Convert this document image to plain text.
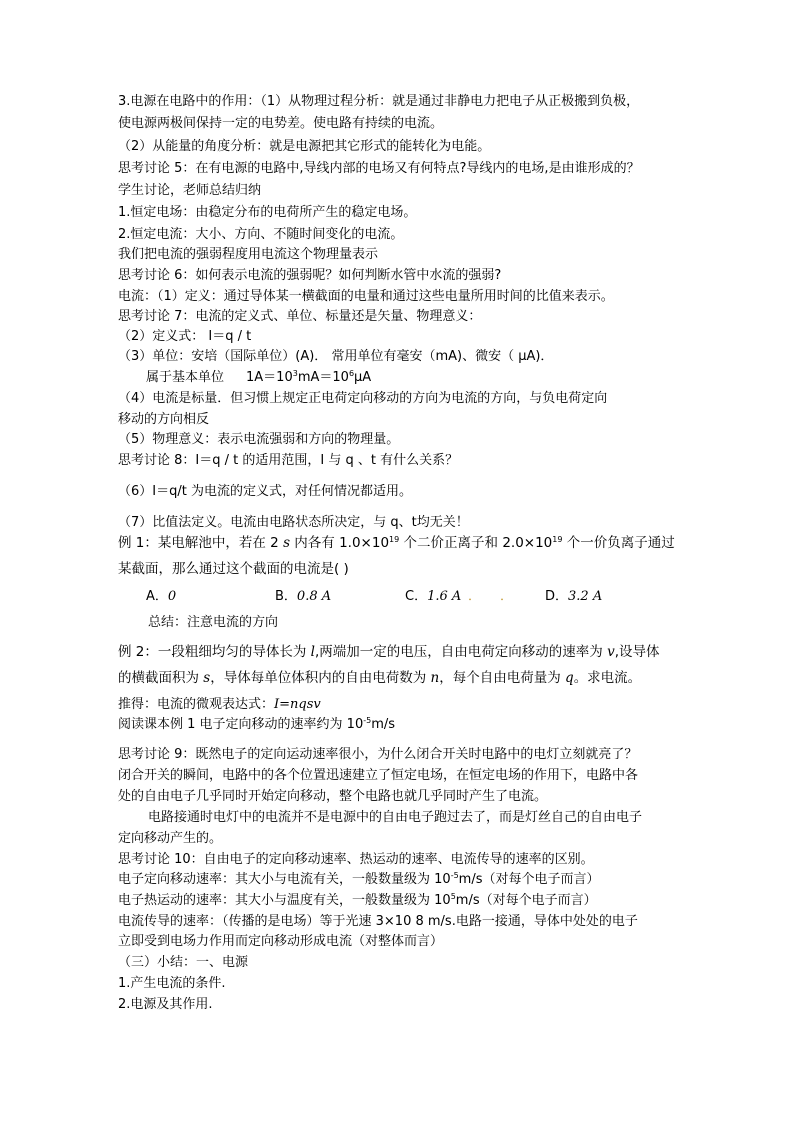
3.电源在电路中的作用：（1）从物理过程分析：就是通过非静电力把电子从正极搬到负极，
使电源两极间保持一定的电势差。使电路有持续的电流。
（2）从能量的角度分析：就是电源把其它形式的能转化为电能。
思考讨论 5：在有电源的电路中,导线内部的电场又有何特点?导线内的电场,是由谁形成的？
学生讨论，老师总结归纳
1.恒定电场：由稳定分布的电荷所产生的稳定电场。
2.恒定电流：大小、方向、不随时间变化的电流。
我们把电流的强弱程度用电流这个物理量表示
思考讨论 6：如何表示电流的强弱呢？如何判断水管中水流的强弱?
电流：（1）定义：通过导体某一横截面的电量和通过这些电量所用时间的比值来表示。
思考讨论 7：电流的定义式、单位、标量还是矢量、物理意义：
（2）定义式： I＝q / t
（3）单位：安培（国际单位）(A)． 常用单位有毫安（mA)、微安（ μA)．
属于基本单位 $1A=10^3mA=10^6\mu A$
（4）电流是标量．但习惯上规定正电荷定向移动的方向为电流的方向，与负电荷定向
移动的方向相反
（5）物理意义：表示电流强弱和方向的物理量。
思考讨论 8：I＝q / t 的适用范围，I 与 q 、t 有什么关系？
（6）I＝q/t 为电流的定义式，对任何情况都适用。
（7）比值法定义。电流由电路状态所决定，与 q、t均无关！
例 1：某电解池中，若在 2 s 内各有 $1.0\times 10^{19}$ 个二价正离子和 $2.0\times 10^{19}$ 个一价负离子通过
某截面，那么通过这个截面的电流是( )
A．0	B．0.8 A	C．1.6 A ． ． D．3.2 A
总结：注意电流的方向
例 2：一段粗细均匀的导体长为 l,两端加一定的电压，自由电荷定向移动的速率为 v,设导体
的横截面积为 s，导体每单位体积内的自由电荷数为 n，每个自由电荷量为 q。求电流。
推得：电流的微观表达式：I=nqsv
阅读课本例 1 电子定向移动的速率约为 $10^{-5}m/s$
思考讨论 9：既然电子的定向运动速率很小，为什么闭合开关时电路中的电灯立刻就亮了？
闭合开关的瞬间，电路中的各个位置迅速建立了恒定电场，在恒定电场的作用下，电路中各
处的自由电子几乎同时开始定向移动，整个电路也就几乎同时产生了电流。
电路接通时电灯中的电流并不是电源中的自由电子跑过去了，而是灯丝自己的自由电子
定向移动产生的。
思考讨论 10：自由电子的定向移动速率、热运动的速率、电流传导的速率的区别。
电子定向移动速率：其大小与电流有关，一般数量级为 $10^{-5}m/s$（对每个电子而言）
电子热运动的速率：其大小与温度有关，一般数量级为 $10^5m/s$（对每个电子而言）
电流传导的速率：（传播的是电场）等于光速 3×10 8 m/s.电路一接通，导体中处处的电子
立即受到电场力作用而定向移动形成电流（对整体而言）
（三）小结：一、电源
1.产生电流的条件.
2.电源及其作用.
